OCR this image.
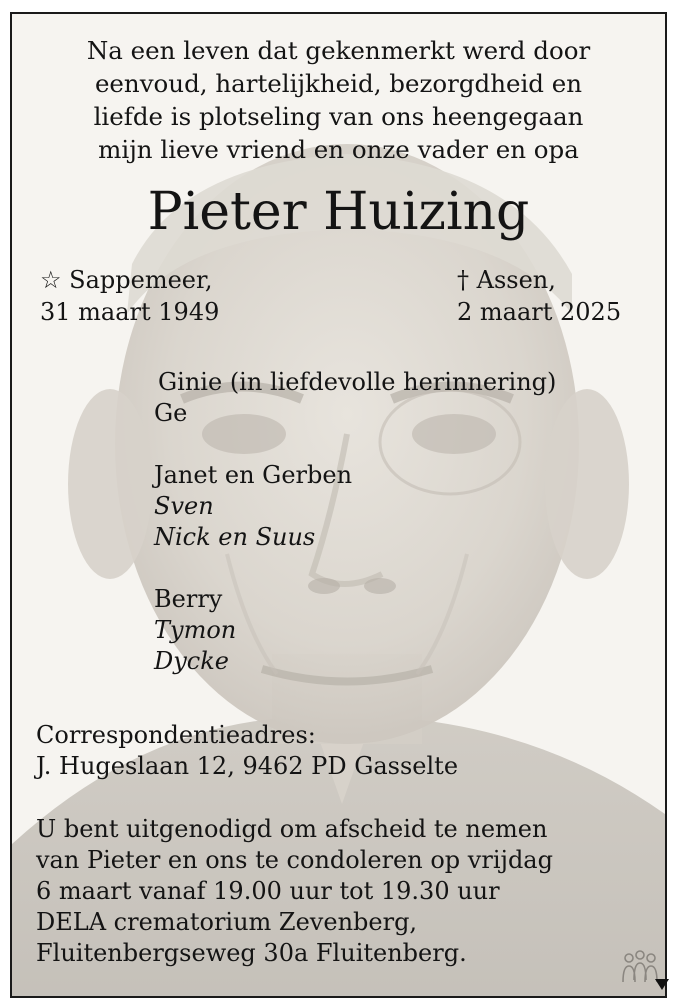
Na een leven dat gekenmerkt werd door
eenvoud, hartelijkheid, bezorgdheid en
liefde is plotseling van ons heengegaan
mijn lieve vriend en onze vader en opa
Pieter Huizing
☆ Sappemeer,
31 maart 1949
† Assen,
2 maart 2025
Ginie (in liefdevolle herinnering)
Ge
Janet en Gerben
Sven
Nick en Suus
Berry
Tymon
Dycke
Correspondentieadres:
J. Hugeslaan 12, 9462 PD Gasselte
U bent uitgenodigd om afscheid te nemen
van Pieter en ons te condoleren op vrijdag
6 maart vanaf 19.00 uur tot 19.30 uur
DELA crematorium Zevenberg,
Fluitenbergseweg 30a Fluitenberg.
